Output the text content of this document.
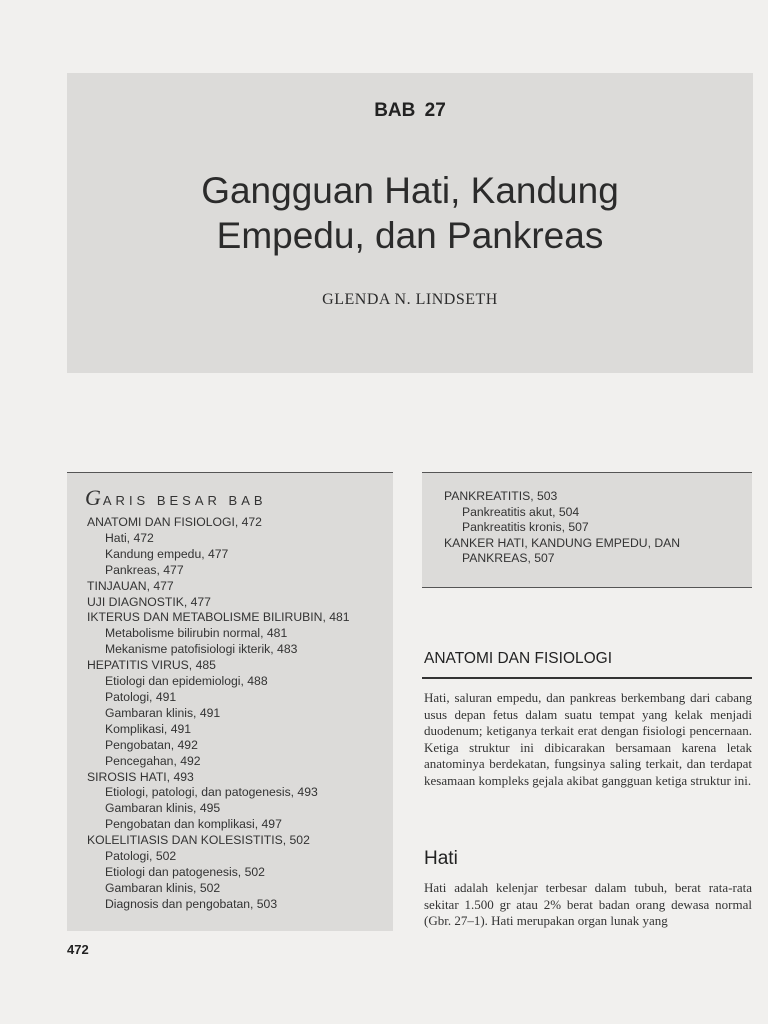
BAB 27
Gangguan Hati, Kandung
Empedu, dan Pankreas
GLENDA N. LINDSETH
GARIS BESAR BAB
ANATOMI DAN FISIOLOGI, 472
Hati, 472
Kandung empedu, 477
Pankreas, 477
TINJAUAN, 477
UJI DIAGNOSTIK, 477
IKTERUS DAN METABOLISME BILIRUBIN, 481
Metabolisme bilirubin normal, 481
Mekanisme patofisiologi ikterik, 483
HEPATITIS VIRUS, 485
Etiologi dan epidemiologi, 488
Patologi, 491
Gambaran klinis, 491
Komplikasi, 491
Pengobatan, 492
Pencegahan, 492
SIROSIS HATI, 493
Etiologi, patologi, dan patogenesis, 493
Gambaran klinis, 495
Pengobatan dan komplikasi, 497
KOLELITIASIS DAN KOLESISTITIS, 502
Patologi, 502
Etiologi dan patogenesis, 502
Gambaran klinis, 502
Diagnosis dan pengobatan, 503
PANKREATITIS, 503
Pankreatitis akut, 504
Pankreatitis kronis, 507
KANKER HATI, KANDUNG EMPEDU, DAN
PANKREAS, 507
ANATOMI DAN FISIOLOGI
Hati, saluran empedu, dan pankreas berkembang dari cabang usus depan fetus dalam suatu tempat yang kelak menjadi duodenum; ketiganya terkait erat dengan fisiologi pencernaan. Ketiga struktur ini dibicarakan bersamaan karena letak anatominya berdekatan, fungsinya saling terkait, dan terdapat kesamaan kompleks gejala akibat gangguan ketiga struktur ini.
Hati
Hati adalah kelenjar terbesar dalam tubuh, berat rata-rata sekitar 1.500 gr atau 2% berat badan orang dewasa normal (Gbr. 27–1). Hati merupakan organ lunak yang
472
